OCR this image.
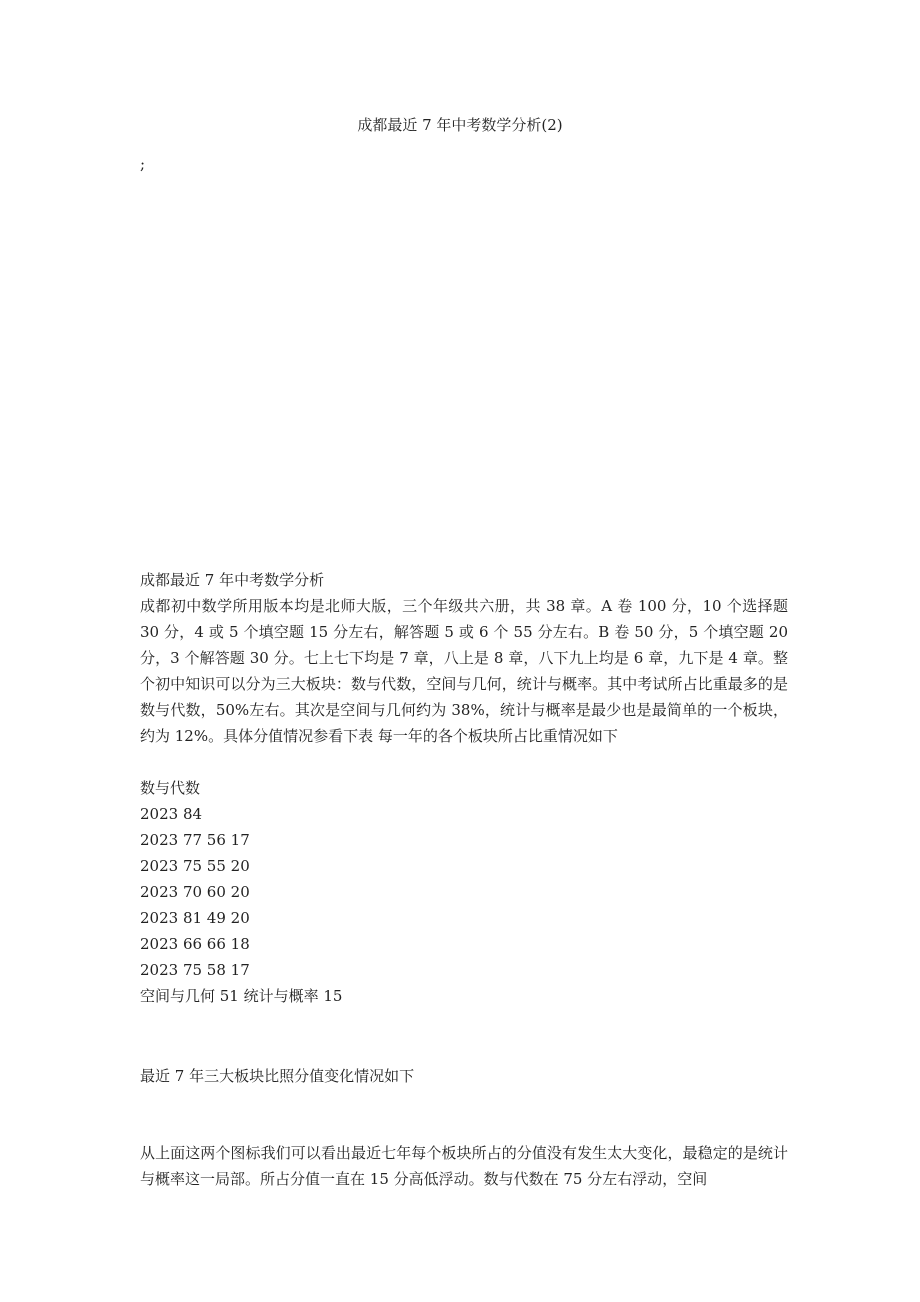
成都最近 7 年中考数学分析(2)
;
成都最近 7 年中考数学分析
成都初中数学所用版本均是北师大版，三个年级共六册，共 38 章。A 卷 100 分，10 个选择题 30 分，4 或 5 个填空题 15 分左右，解答题 5 或 6 个 55 分左右。B 卷 50 分，5 个填空题 20 分，3 个解答题 30 分。七上七下均是 7 章，八上是 8 章，八下九上均是 6 章，九下是 4 章。整个初中知识可以分为三大板块：数与代数，空间与几何，统计与概率。其中考试所占比重最多的是数与代数，50%左右。其次是空间与几何约为 38%，统计与概率是最少也是最简单的一个板块，约为 12%。具体分值情况参看下表 每一年的各个板块所占比重情况如下
数与代数
2023 84
2023 77 56 17
2023 75 55 20
2023 70 60 20
2023 81 49 20
2023 66 66 18
2023 75 58 17
空间与几何 51 统计与概率 15
最近 7 年三大板块比照分值变化情况如下
从上面这两个图标我们可以看出最近七年每个板块所占的分值没有发生太大变化，最稳定的是统计与概率这一局部。所占分值一直在 15 分高低浮动。数与代数在 75 分左右浮动，空间
